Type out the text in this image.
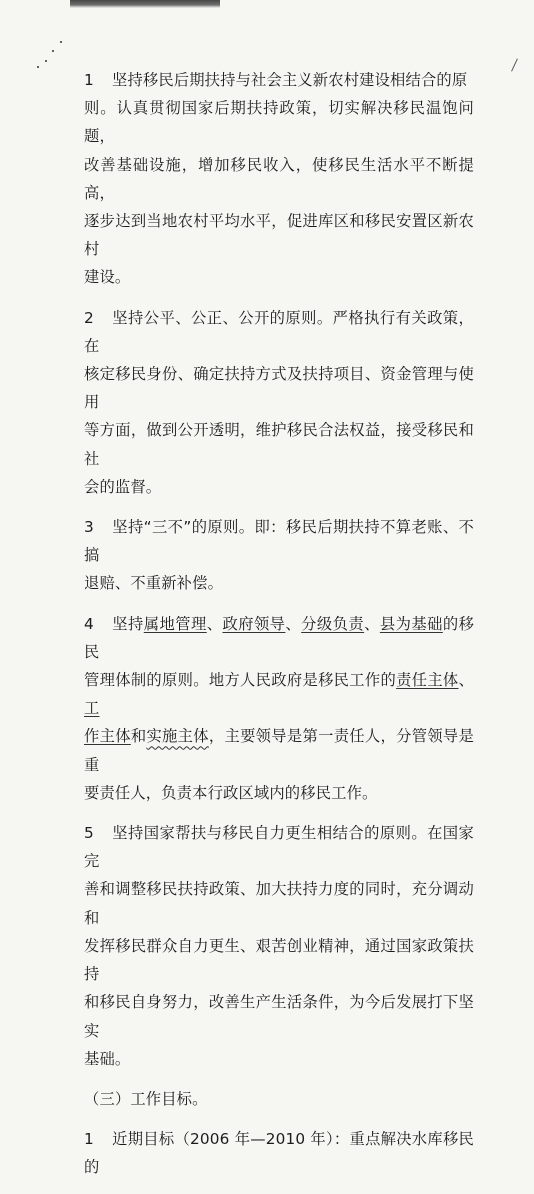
1 坚持移民后期扶持与社会主义新农村建设相结合的原
则。认真贯彻国家后期扶持政策，切实解决移民温饱问题，
改善基础设施，增加移民收入，使移民生活水平不断提高，
逐步达到当地农村平均水平，促进库区和移民安置区新农村
建设。

2 坚持公平、公正、公开的原则。严格执行有关政策，在
核定移民身份、确定扶持方式及扶持项目、资金管理与使用
等方面，做到公开透明，维护移民合法权益，接受移民和社
会的监督。

3 坚持“三不”的原则。即：移民后期扶持不算老账、不搞
退赔、不重新补偿。

4 坚持属地管理、政府领导、分级负责、县为基础的移民
管理体制的原则。地方人民政府是移民工作的责任主体、工
作主体和实施主体，主要领导是第一责任人，分管领导是重
要责任人，负责本行政区域内的移民工作。

5 坚持国家帮扶与移民自力更生相结合的原则。在国家完
善和调整移民扶持政策、加大扶持力度的同时，充分调动和
发挥移民群众自力更生、艰苦创业精神，通过国家政策扶持
和移民自身努力，改善生产生活条件，为今后发展打下坚实
基础。

（三）工作目标。

1 近期目标（2006 年—2010 年）：重点解决水库移民的
